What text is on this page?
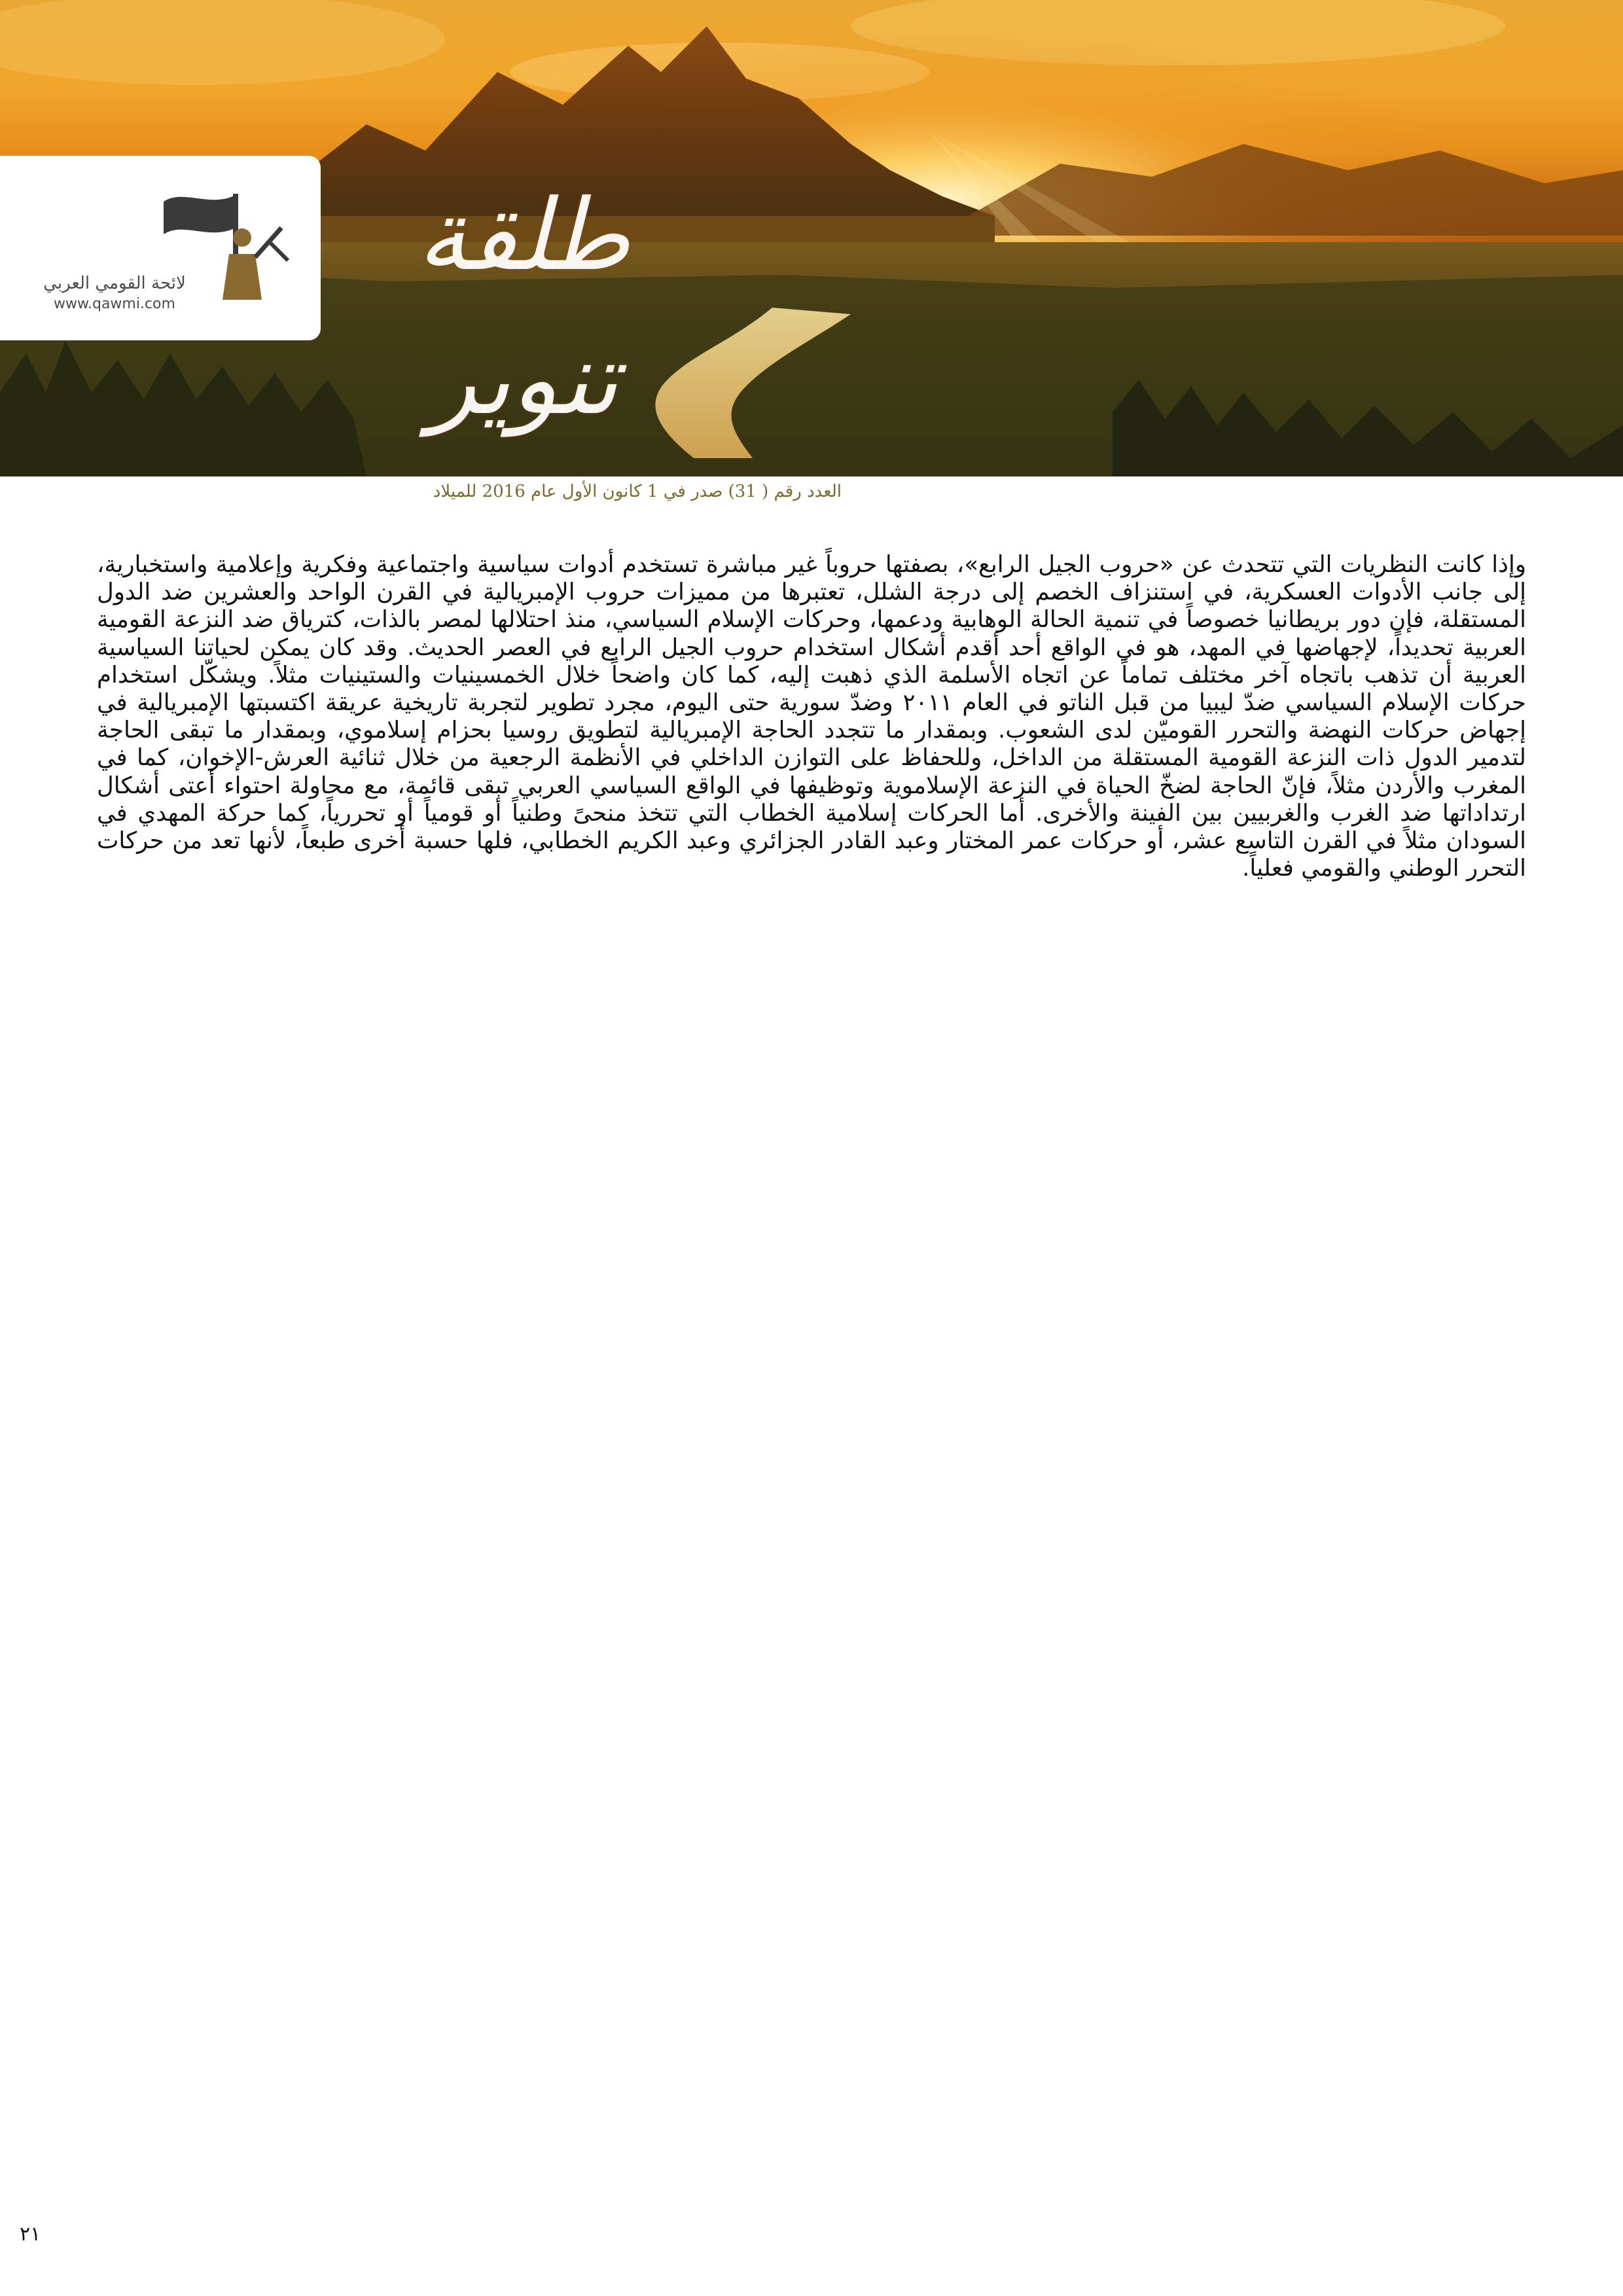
لائحة القومي العربي
www.qawmi.com
طلقة تنوير
العدد رقم ( 31) صدر في 1 كانون الأول عام 2016 للميلاد

وإذا كانت النظريات التي تتحدث عن «حروب الجيل الرابع»، بصفتها حروباً غير مباشرة تستخدم أدوات سياسية واجتماعية وفكرية وإعلامية واستخبارية، إلى جانب الأدوات العسكرية، في استنزاف الخصم إلى درجة الشلل، تعتبرها من مميزات حروب الإمبريالية في القرن الواحد والعشرين ضد الدول المستقلة، فإن دور بريطانيا خصوصاً في تنمية الحالة الوهابية ودعمها، وحركات الإسلام السياسي، منذ احتلالها لمصر بالذات، كترياق ضد النزعة القومية العربية تحديداً، لإجهاضها في المهد، هو في الواقع أحد أقدم أشكال استخدام حروب الجيل الرابع في العصر الحديث. وقد كان يمكن لحياتنا السياسية العربية أن تذهب باتجاه آخر مختلف تماماً عن اتجاه الأسلمة الذي ذهبت إليه، كما كان واضحاً خلال الخمسينيات والستينيات مثلاً. ويشكّل استخدام حركات الإسلام السياسي ضدّ ليبيا من قبل الناتو في العام ٢٠١١ وضدّ سورية حتى اليوم، مجرد تطوير لتجربة تاريخية عريقة اكتسبتها الإمبريالية في إجهاض حركات النهضة والتحرر القوميّن لدى الشعوب. وبمقدار ما تتجدد الحاجة الإمبريالية لتطويق روسيا بحزام إسلاموي، وبمقدار ما تبقى الحاجة لتدمير الدول ذات النزعة القومية المستقلة من الداخل، وللحفاظ على التوازن الداخلي في الأنظمة الرجعية من خلال ثنائية العرش-الإخوان، كما في المغرب والأردن مثلاً، فإنّ الحاجة لضخّ الحياة في النزعة الإسلاموية وتوظيفها في الواقع السياسي العربي تبقى قائمة، مع محاولة احتواء أعتى أشكال ارتداداتها ضد الغرب والغربيين بين الفينة والأخرى. أما الحركات إسلامية الخطاب التي تتخذ منحىً وطنياً أو قومياً أو تحررياً، كما حركة المهدي في السودان مثلاً في القرن التاسع عشر، أو حركات عمر المختار وعبد القادر الجزائري وعبد الكريم الخطابي، فلها حسبة أخرى طبعاً، لأنها تعد من حركات التحرر الوطني والقومي فعلياً.

٢١
